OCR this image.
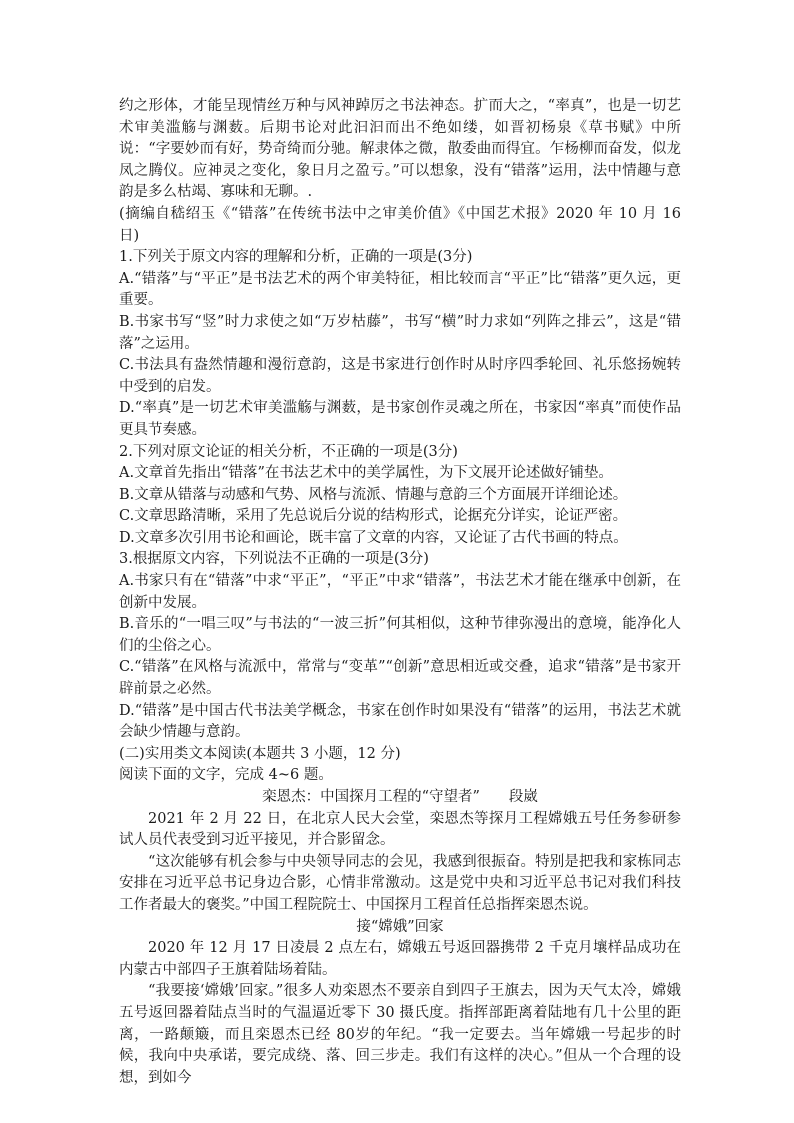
约之形体，才能呈现情丝万种与风神踔厉之书法神态。扩而大之，“率真”，也是一切艺术审美滥觞与渊薮。后期书论对此汩汩而出不绝如缕，如晋初杨泉《草书赋》中所说：“字要妙而有好，势奇绮而分驰。解隶体之微，散委曲而得宜。乍杨柳而奋发，似龙凤之腾仪。应神灵之变化，象日月之盈亏。”可以想象，没有“错落”运用，法中情趣与意韵是多么枯竭、寡味和无聊。.

(摘编自嵇绍玉《“错落”在传统书法中之审美价值》《中国艺术报》2020 年 10 月 16 日)

1.下列关于原文内容的理解和分析，正确的一项是(3分)

A.“错落”与“平正”是书法艺术的两个审美特征，相比较而言“平正”比“错落”更久远，更重要。

B.书家书写“竖”时力求使之如“万岁枯藤”，书写“横”时力求如“列阵之排云”，这是“错落”之运用。

C.书法具有盎然情趣和漫衍意韵，这是书家进行创作时从时序四季轮回、礼乐悠扬婉转中受到的启发。

D.“率真”是一切艺术审美滥觞与渊薮，是书家创作灵魂之所在，书家因“率真”而使作品更具节奏感。

2.下列对原文论证的相关分析，不正确的一项是(3分)

A.文章首先指出“错落”在书法艺术中的美学属性，为下文展开论述做好铺垫。

B.文章从错落与动感和气势、风格与流派、情趣与意韵三个方面展开详细论述。

C.文章思路清晰，采用了先总说后分说的结构形式，论据充分详实，论证严密。

D.文章多次引用书论和画论，既丰富了文章的内容，又论证了古代书画的特点。

3.根据原文内容，下列说法不正确的一项是(3分)

A.书家只有在“错落”中求“平正”，“平正”中求“错落”，书法艺术才能在继承中创新，在创新中发展。

B.音乐的“一唱三叹”与书法的“一波三折”何其相似，这种节律弥漫出的意境，能净化人们的尘俗之心。

C.“错落”在风格与流派中，常常与“变革”“创新”意思相近或交叠，追求“错落”是书家开辟前景之必然。

D.“错落”是中国古代书法美学概念，书家在创作时如果没有“错落”的运用，书法艺术就会缺少情趣与意韵。

(二)实用类文本阅读(本题共 3 小题，12 分)

阅读下面的文字，完成 4~6 题。

栾恩杰：中国探月工程的“守望者” 段崴

2021 年 2 月 22 日，在北京人民大会堂，栾恩杰等探月工程嫦娥五号任务参研参试人员代表受到习近平接见，并合影留念。

“这次能够有机会参与中央领导同志的会见，我感到很振奋。特别是把我和家栋同志安排在习近平总书记身边合影，心情非常激动。这是党中央和习近平总书记对我们科技工作者最大的褒奖。”中国工程院院士、中国探月工程首任总指挥栾恩杰说。

接“嫦娥”回家

2020 年 12 月 17 日凌晨 2 点左右，嫦娥五号返回器携带 2 千克月壤样品成功在内蒙古中部四子王旗着陆场着陆。

“我要接‘嫦娥’回家。”很多人劝栾恩杰不要亲自到四子王旗去，因为天气太冷，嫦娥五号返回器着陆点当时的气温逼近零下 30 摄氏度。指挥部距离着陆地有几十公里的距离，一路颠簸，而且栾恩杰已经 80岁的年纪。“我一定要去。当年嫦娥一号起步的时候，我向中央承诺，要完成绕、落、回三步走。我们有这样的决心。”但从一个合理的设想，到如今
